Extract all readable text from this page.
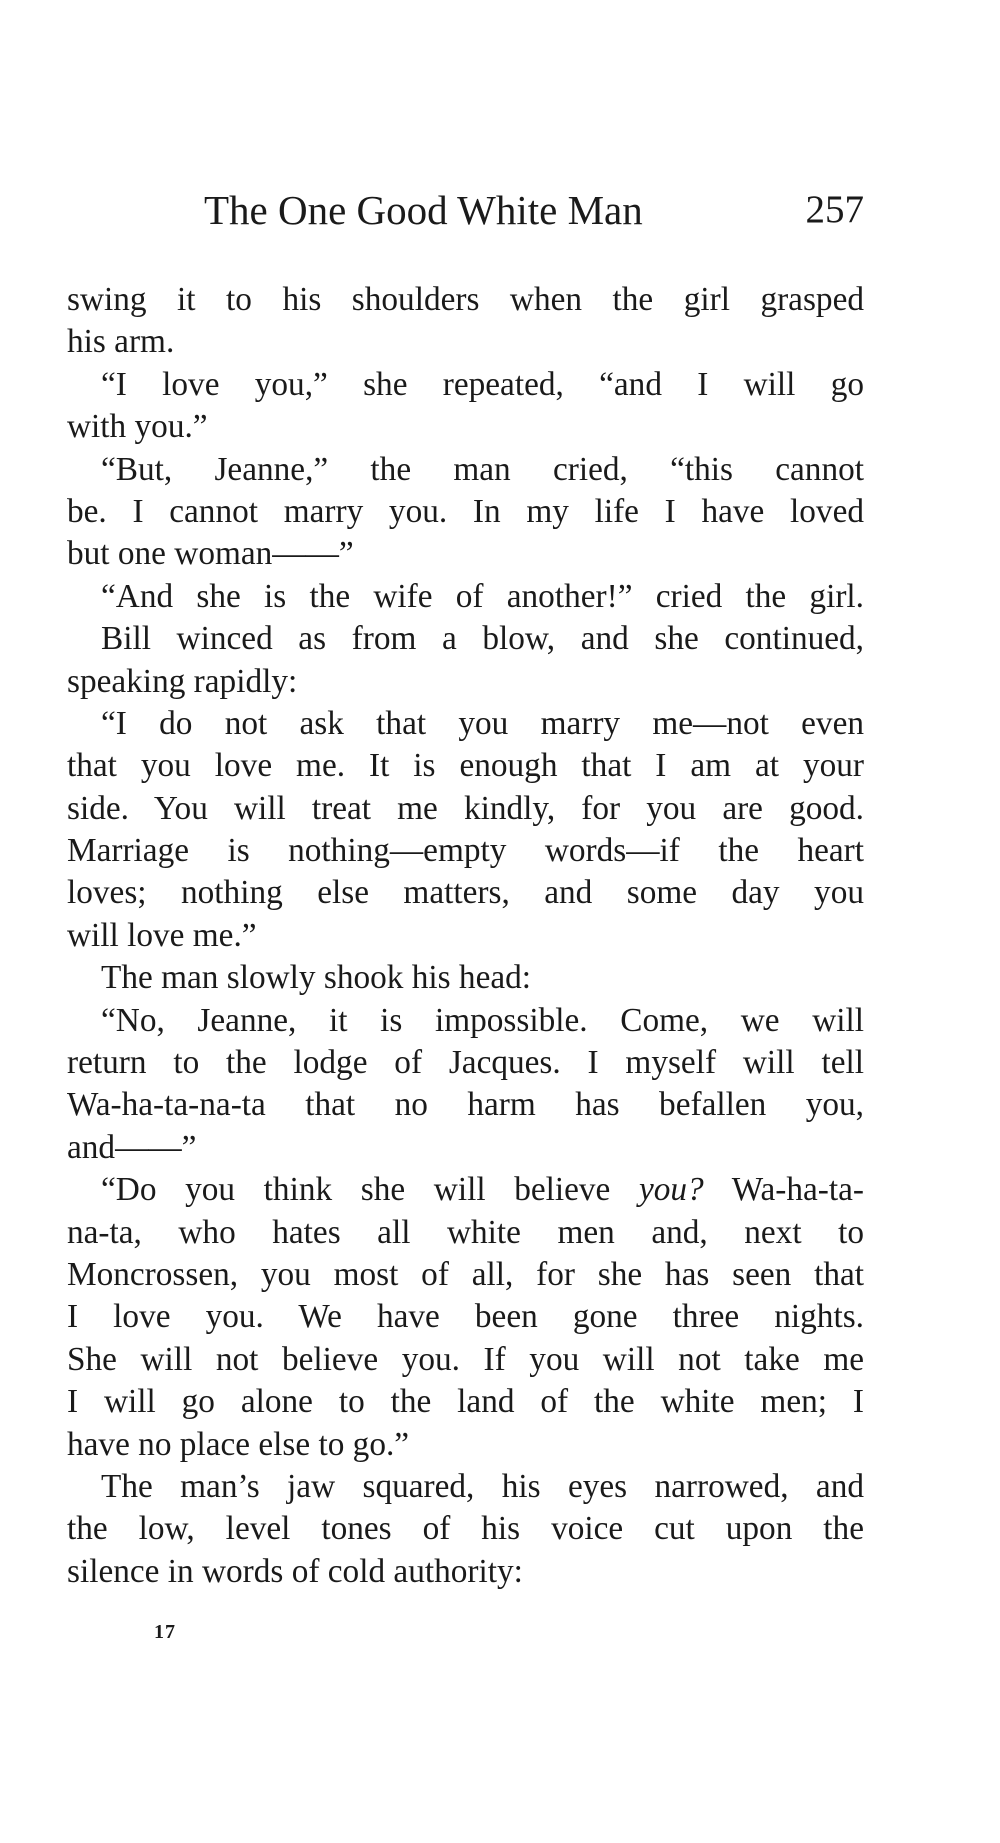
The One Good White Man	257
swing it to his shoulders when the girl grasped
his arm.
“I love you,” she repeated, “and I will go
with you.”
“But, Jeanne,” the man cried, “this cannot
be. I cannot marry you. In my life I have loved
but one woman——”
“And she is the wife of another!” cried the girl.
Bill winced as from a blow, and she continued,
speaking rapidly:
“I do not ask that you marry me—not even
that you love me. It is enough that I am at your
side. You will treat me kindly, for you are good.
Marriage is nothing—empty words—if the heart
loves; nothing else matters, and some day you
will love me.”
The man slowly shook his head:
“No, Jeanne, it is impossible. Come, we will
return to the lodge of Jacques. I myself will tell
Wa-ha-ta-na-ta that no harm has befallen you,
and——”
“Do you think she will believe you? Wa-ha-ta-
na-ta, who hates all white men and, next to
Moncrossen, you most of all, for she has seen that
I love you. We have been gone three nights.
She will not believe you. If you will not take me
I will go alone to the land of the white men; I
have no place else to go.”
The man’s jaw squared, his eyes narrowed, and
the low, level tones of his voice cut upon the
silence in words of cold authority:
17
